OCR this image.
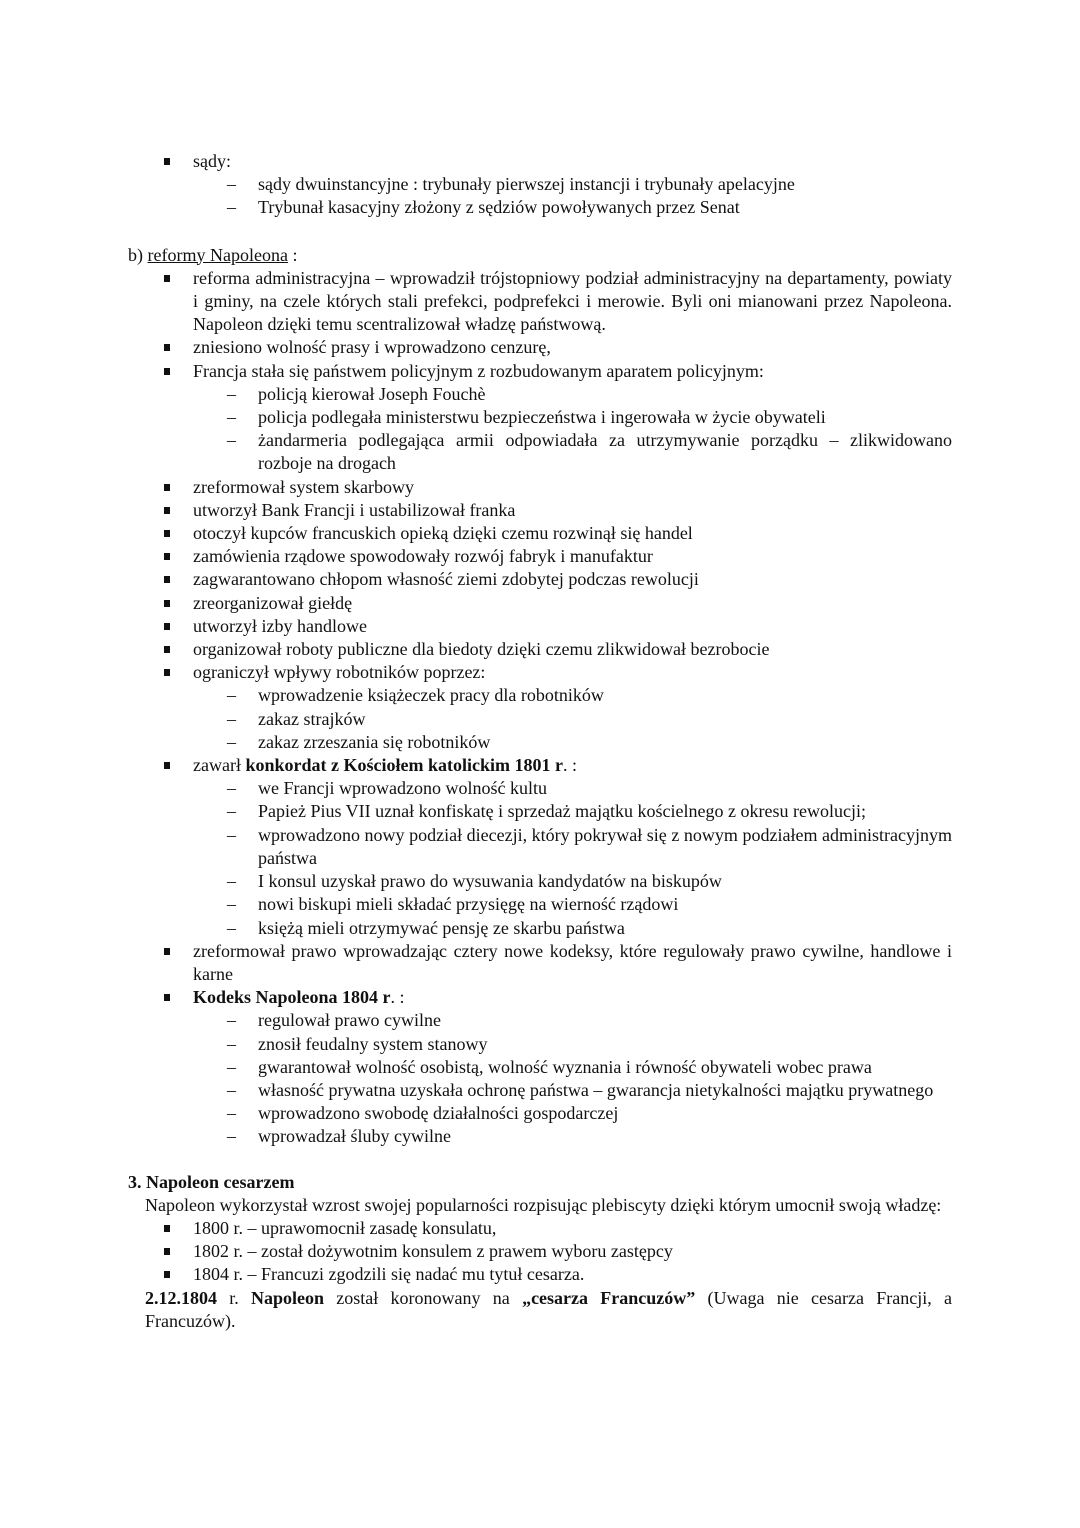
sądy:
– sądy dwuinstancyjne : trybunały pierwszej instancji i trybunały apelacyjne
– Trybunał kasacyjny złożony z sędziów powoływanych przez Senat
b) reformy Napoleona :
reforma administracyjna – wprowadził trójstopniowy podział administracyjny na departamenty, powiaty i gminy, na czele których stali prefekci, podprefekci i merowie. Byli oni mianowani przez Napoleona. Napoleon dzięki temu scentralizował władzę państwową.
zniesiono wolność prasy i wprowadzono cenzurę,
Francja stała się państwem policyjnym z rozbudowanym aparatem policyjnym:
– policją kierował Joseph Fouchè
– policja podlegała ministerstwu bezpieczeństwa i ingerowała w życie obywateli
– żandarmeria podlegająca armii odpowiadała za utrzymywanie porządku – zlikwidowano rozboje na drogach
zreformował system skarbowy
utworzył Bank Francji i ustabilizował franka
otoczył kupców francuskich opieką dzięki czemu rozwinął się handel
zamówienia rządowe spowodowały rozwój fabryk i manufaktur
zagwarantowano chłopom własność ziemi zdobytej podczas rewolucji
zreorganizował giełdę
utworzył izby handlowe
organizował roboty publiczne dla biedoty dzięki czemu zlikwidował bezrobocie
ograniczył wpływy robotników poprzez:
– wprowadzenie książeczek pracy dla robotników
– zakaz strajków
– zakaz zrzeszania się robotników
zawarł konkordat z Kościołem katolickim 1801 r. :
– we Francji wprowadzono wolność kultu
– Papież Pius VII uznał konfiskatę i sprzedaż majątku kościelnego z okresu rewolucji;
– wprowadzono nowy podział diecezji, który pokrywał się z nowym podziałem administracyjnym państwa
– I konsul uzyskał prawo do wysuwania kandydatów na biskupów
– nowi biskupi mieli składać przysięgę na wierność rządowi
– księżą mieli otrzymywać pensję ze skarbu państwa
zreformował prawo wprowadzając cztery nowe kodeksy, które regulowały prawo cywilne, handlowe i karne
Kodeks Napoleona 1804 r. :
– regulował prawo cywilne
– znosił feudalny system stanowy
– gwarantował wolność osobistą, wolność wyznania i równość obywateli wobec prawa
– własność prywatna uzyskała ochronę państwa – gwarancja nietykalności majątku prywatnego
– wprowadzono swobodę działalności gospodarczej
– wprowadzał śluby cywilne
3. Napoleon cesarzem
Napoleon wykorzystał wzrost swojej popularności rozpisując plebiscyty dzięki którym umocnił swoją władzę:
1800 r. – uprawomocnił zasadę konsulatu,
1802 r. – został dożywotnim konsulem z prawem wyboru zastępcy
1804 r. – Francuzi zgodzili się nadać mu tytuł cesarza.
2.12.1804 r. Napoleon został koronowany na „cesarza Francuzów” (Uwaga nie cesarza Francji, a Francuzów).
